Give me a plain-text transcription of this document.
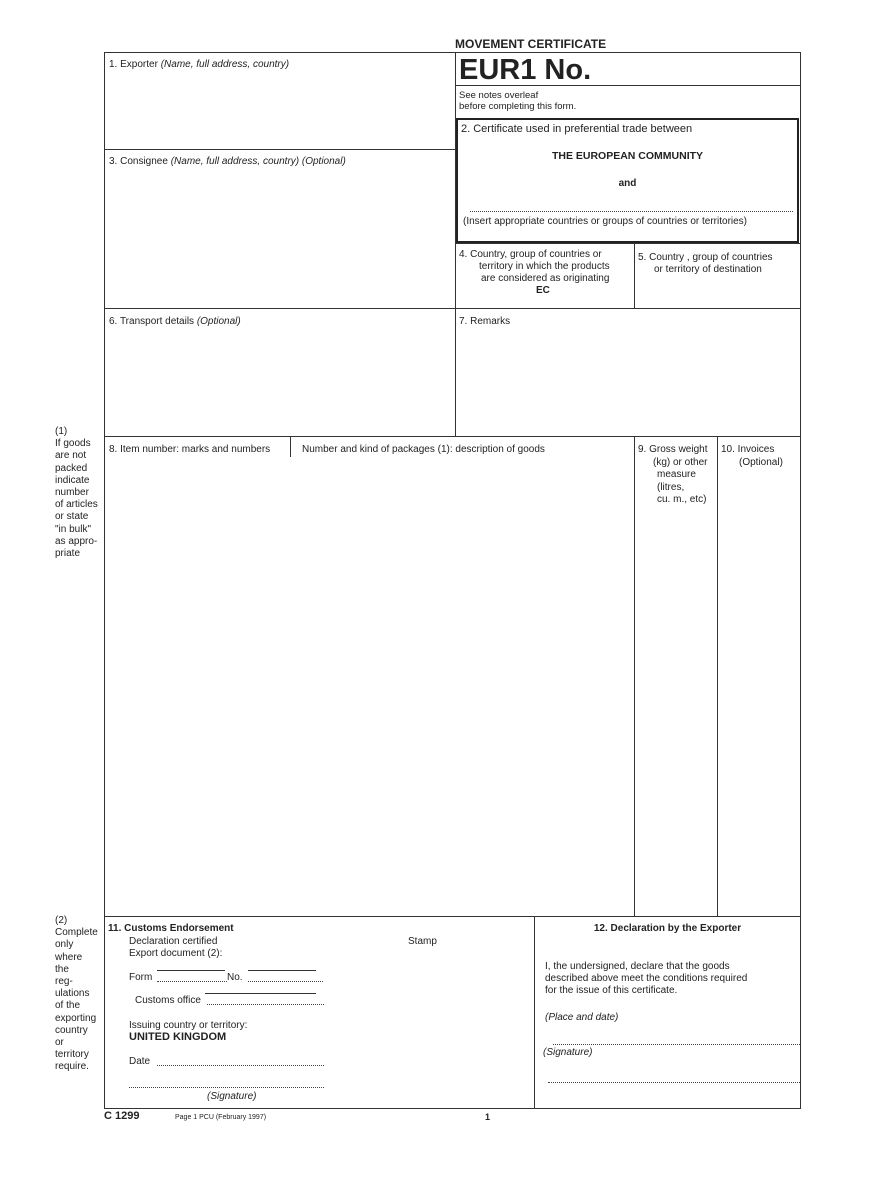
MOVEMENT CERTIFICATE
1. Exporter (Name, full address, country)	EUR1 No.
See notes overleaf
before completing this form.
2. Certificate used in preferential trade between
THE EUROPEAN COMMUNITY
and
(Insert appropriate countries or groups of countries or territories)
3. Consignee (Name, full address, country) (Optional)
4. Country, group of countries or
territory in which the products
are considered as originating
EC
5. Country , group of countries
or territory of destination
6. Transport details (Optional)	7. Remarks
8. Item number: marks and numbers	Number and kind of packages (1): description of goods	9. Gross weight
(kg) or other
measure
(litres,
cu. m., etc)
10. Invoices
(Optional)
(1)
If goods
are not
packed
indicate
number
of articles
or state
"in bulk"
as appro-
priate
(2)
Complete
only
where
the
reg-
ulations
of the
exporting
country
or
territory
require.
11. Customs Endorsement
Declaration certified
Export document (2):
Stamp
Form	No.
Customs office
Issuing country or territory:
UNITED KINGDOM
Date
(Signature)
12. Declaration by the Exporter
I, the undersigned, declare that the goods
described above meet the conditions required
for the issue of this certificate.
(Place and date)
(Signature)
C 1299	Page 1 PCU (February 1997)	1
